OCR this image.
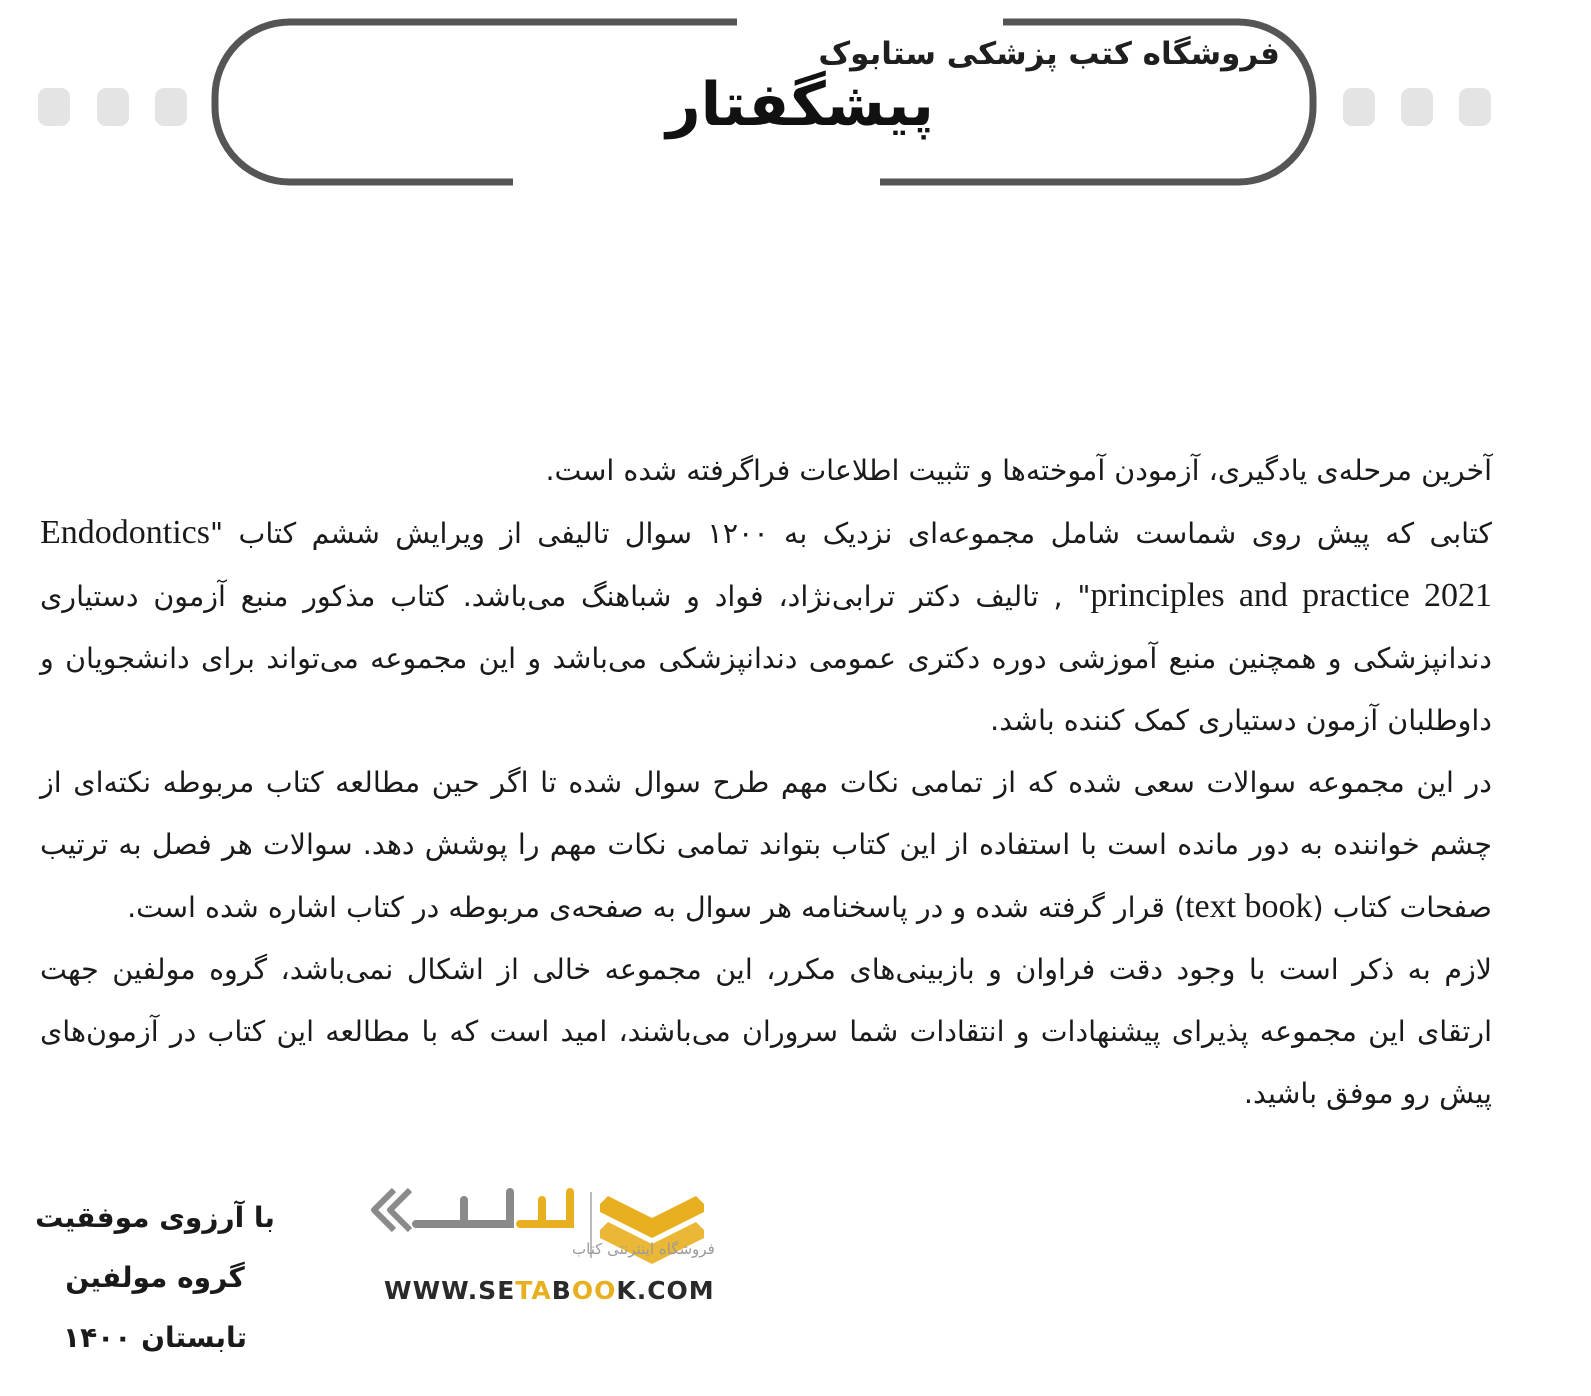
فروشگاه کتب پزشکی ستابوک
پیشگفتار

آخرین مرحله‌ی یادگیری، آزمودن آموخته‌ها و تثبیت اطلاعات فراگرفته شده است.

کتابی که پیش روی شماست شامل مجموعه‌ای نزدیک به ۱۲۰۰ سوال تالیفی از ویرایش ششم کتاب "Endodontics principles and practice 2021" , تالیف دکتر ترابی‌نژاد، فواد و شباهنگ می‌باشد. کتاب مذکور منبع آزمون دستیاری دندانپزشکی و همچنین منبع آموزشی دوره دکتری عمومی دندانپزشکی می‌باشد و این مجموعه می‌تواند برای دانشجویان و داوطلبان آزمون دستیاری کمک کننده باشد.

در این مجموعه سوالات سعی شده که از تمامی نکات مهم طرح سوال شده تا اگر حین مطالعه کتاب مربوطه نکته‌ای از چشم خواننده به دور مانده است با استفاده از این کتاب بتواند تمامی نکات مهم را پوشش دهد. سوالات هر فصل به ترتیب صفحات کتاب (text book) قرار گرفته شده و در پاسخنامه هر سوال به صفحه‌ی مربوطه در کتاب اشاره شده است.

لازم به ذکر است با وجود دقت فراوان و بازبینی‌های مکرر، این مجموعه خالی از اشکال نمی‌باشد، گروه مولفین جهت ارتقای این مجموعه پذیرای پیشنهادات و انتقادات شما سروران می‌باشند، امید است که با مطالعه این کتاب در آزمون‌های پیش رو موفق باشید.

با آرزوی موفقیت
گروه مولفین
تابستان ۱۴۰۰
فروشگاه اینترنتی کتاب
WWW.SETABOOK.COM
